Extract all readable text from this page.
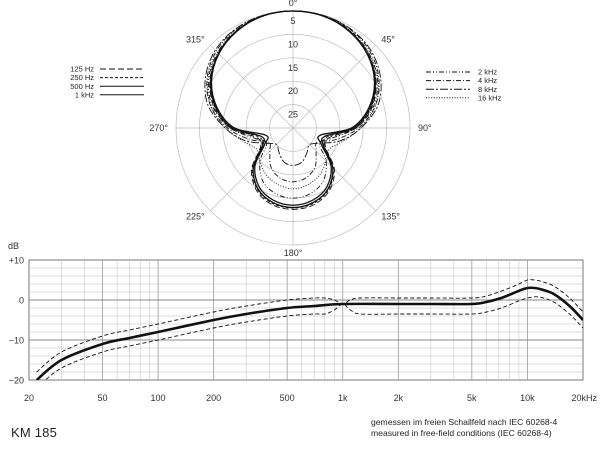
0°
45°
90°
135°
180°
225°
270°
315°
5
10
15
20
25
125 Hz
250 Hz
500 Hz
1 kHz
2 kHz
4 kHz
8 kHz
16 kHz
dB
+10
0
−10
−20
20	50	100	200	500	1k	2k	5k	10k	20kHz
KM 185
gemessen im freien Schallfeld nach IEC 60268-4
measured in free-field conditions (IEC 60268-4)
